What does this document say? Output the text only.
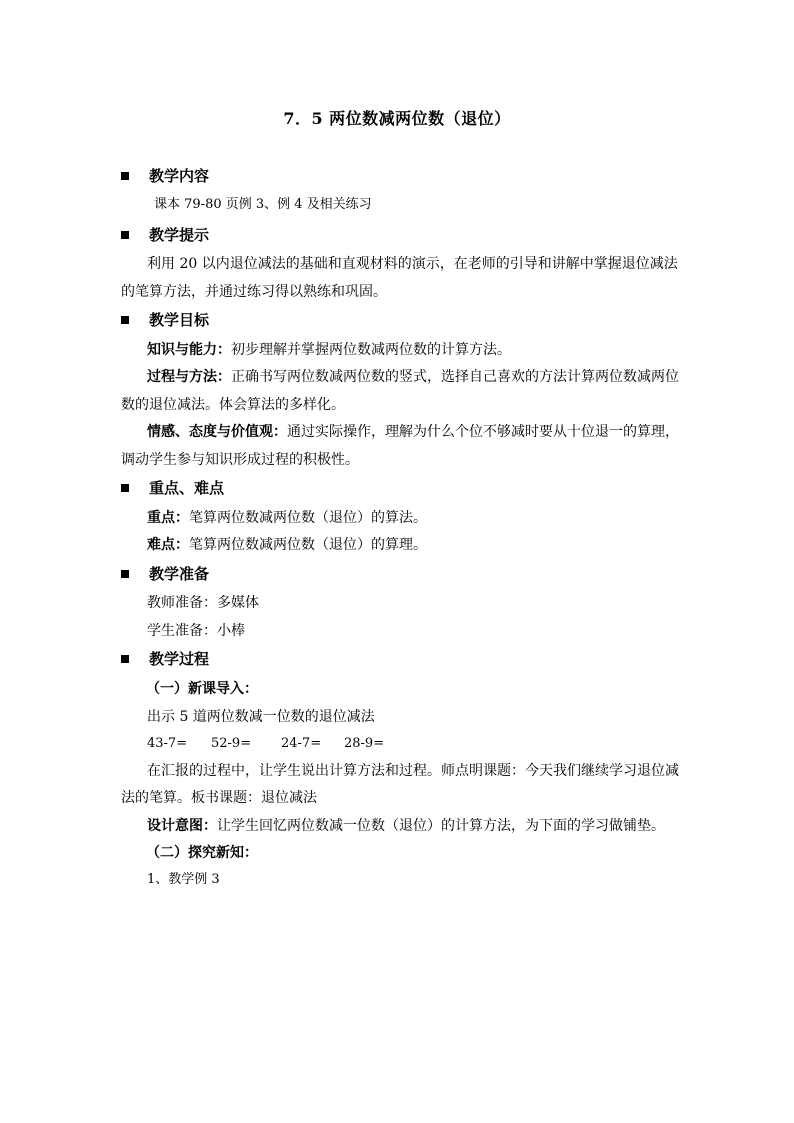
7．5 两位数减两位数（退位）
教学内容
课本 79-80 页例 3、例 4 及相关练习
教学提示
利用 20 以内退位减法的基础和直观材料的演示，在老师的引导和讲解中掌握退位减法
的笔算方法，并通过练习得以熟练和巩固。
教学目标
知识与能力：初步理解并掌握两位数减两位数的计算方法。
过程与方法：正确书写两位数减两位数的竖式，选择自己喜欢的方法计算两位数减两位
数的退位减法。体会算法的多样化。
情感、态度与价值观：通过实际操作，理解为什么个位不够减时要从十位退一的算理，
调动学生参与知识形成过程的积极性。
重点、难点
重点：笔算两位数减两位数（退位）的算法。
难点：笔算两位数减两位数（退位）的算理。
教学准备
教师准备：多媒体
学生准备：小棒
教学过程
（一）新课导入：
出示 5 道两位数减一位数的退位减法
43-7= 52-9= 24-7= 28-9=
在汇报的过程中，让学生说出计算方法和过程。师点明课题：今天我们继续学习退位减
法的笔算。板书课题：退位减法
设计意图：让学生回忆两位数减一位数（退位）的计算方法，为下面的学习做铺垫。
（二）探究新知：
1、教学例 3
